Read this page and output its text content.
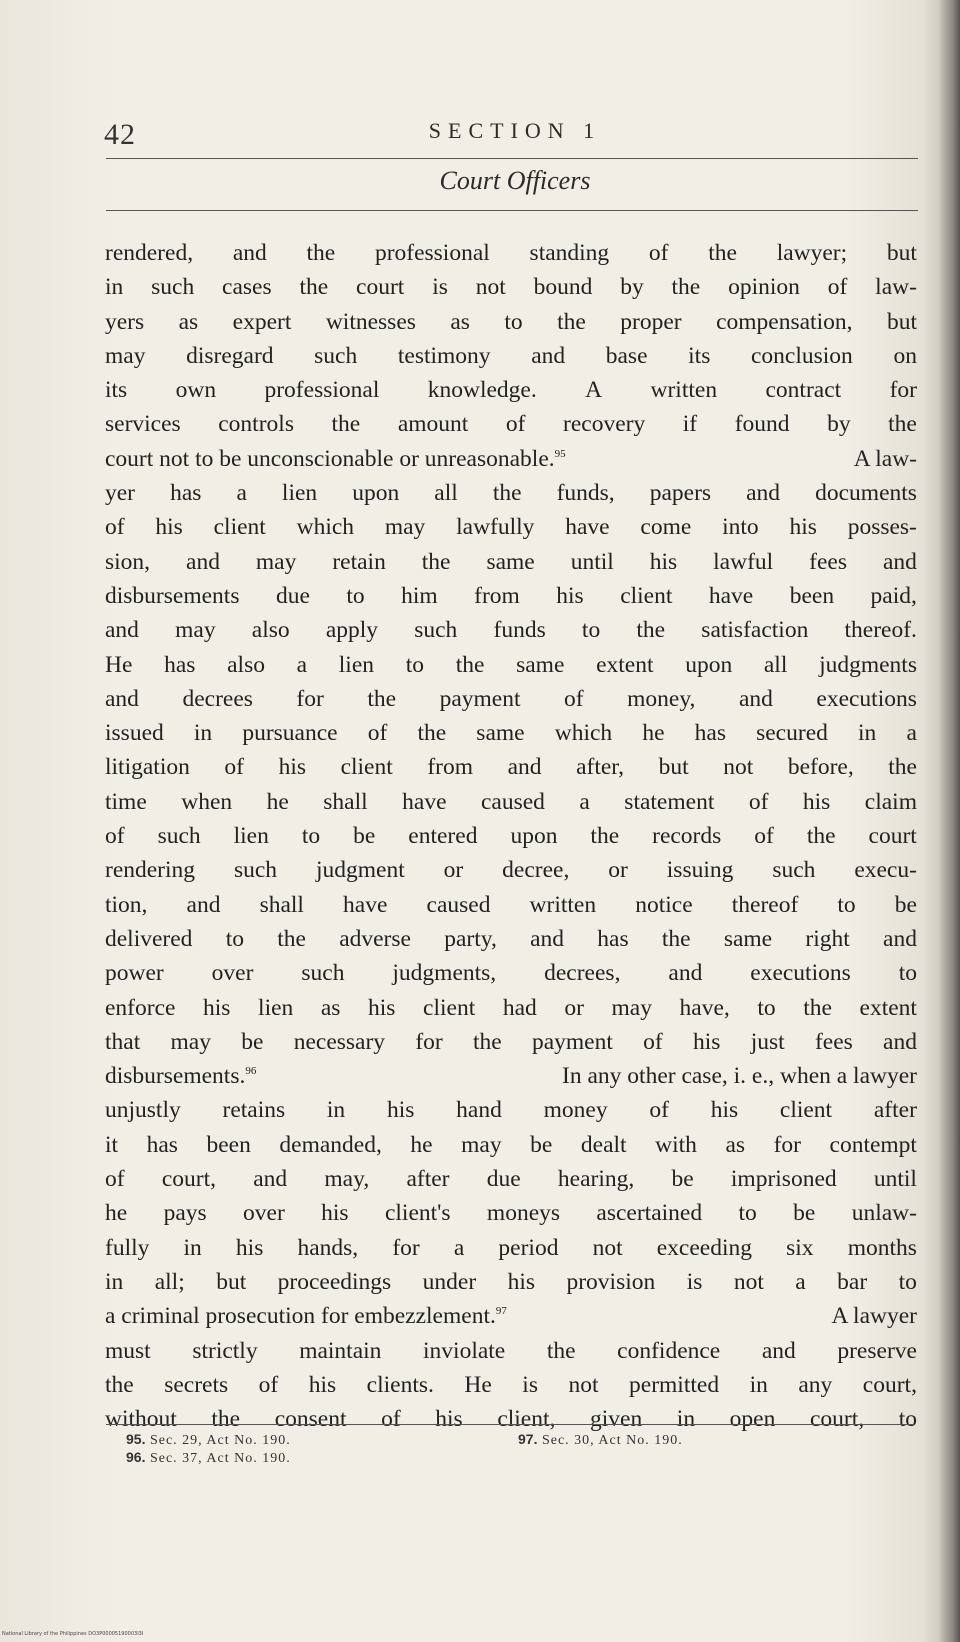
42	SECTION 1
Court Officers
rendered, and the professional standing of the lawyer; but
in such cases the court is not bound by the opinion of law-
yers as expert witnesses as to the proper compensation, but
may disregard such testimony and base its conclusion on
its own professional knowledge. A written contract for
services controls the amount of recovery if found by the
court not to be unconscionable or unreasonable.$^{95}$	A law-
yer has a lien upon all the funds, papers and documents
of his client which may lawfully have come into his posses-
sion, and may retain the same until his lawful fees and
disbursements due to him from his client have been paid,
and may also apply such funds to the satisfaction thereof.
He has also a lien to the same extent upon all judgments
and decrees for the payment of money, and executions
issued in pursuance of the same which he has secured in a
litigation of his client from and after, but not before, the
time when he shall have caused a statement of his claim
of such lien to be entered upon the records of the court
rendering such judgment or decree, or issuing such execu-
tion, and shall have caused written notice thereof to be
delivered to the adverse party, and has the same right and
power over such judgments, decrees, and executions to
enforce his lien as his client had or may have, to the extent
that may be necessary for the payment of his just fees and
disbursements.$^{96}$	In any other case, i. e., when a lawyer
unjustly retains in his hand money of his client after
it has been demanded, he may be dealt with as for contempt
of court, and may, after due hearing, be imprisoned until
he pays over his client's moneys ascertained to be unlaw-
fully in his hands, for a period not exceeding six months
in all; but proceedings under his provision is not a bar to
a criminal prosecution for embezzlement.$^{97}$	A lawyer
must strictly maintain inviolate the confidence and preserve
the secrets of his clients. He is not permitted in any court,
without the consent of his client, given in open court, to
95. Sec. 29, Act No. 190.
96. Sec. 37, Act No. 190.
97. Sec. 30, Act No. 190.
National Library of the Philippines DO3P00005190003I3I
